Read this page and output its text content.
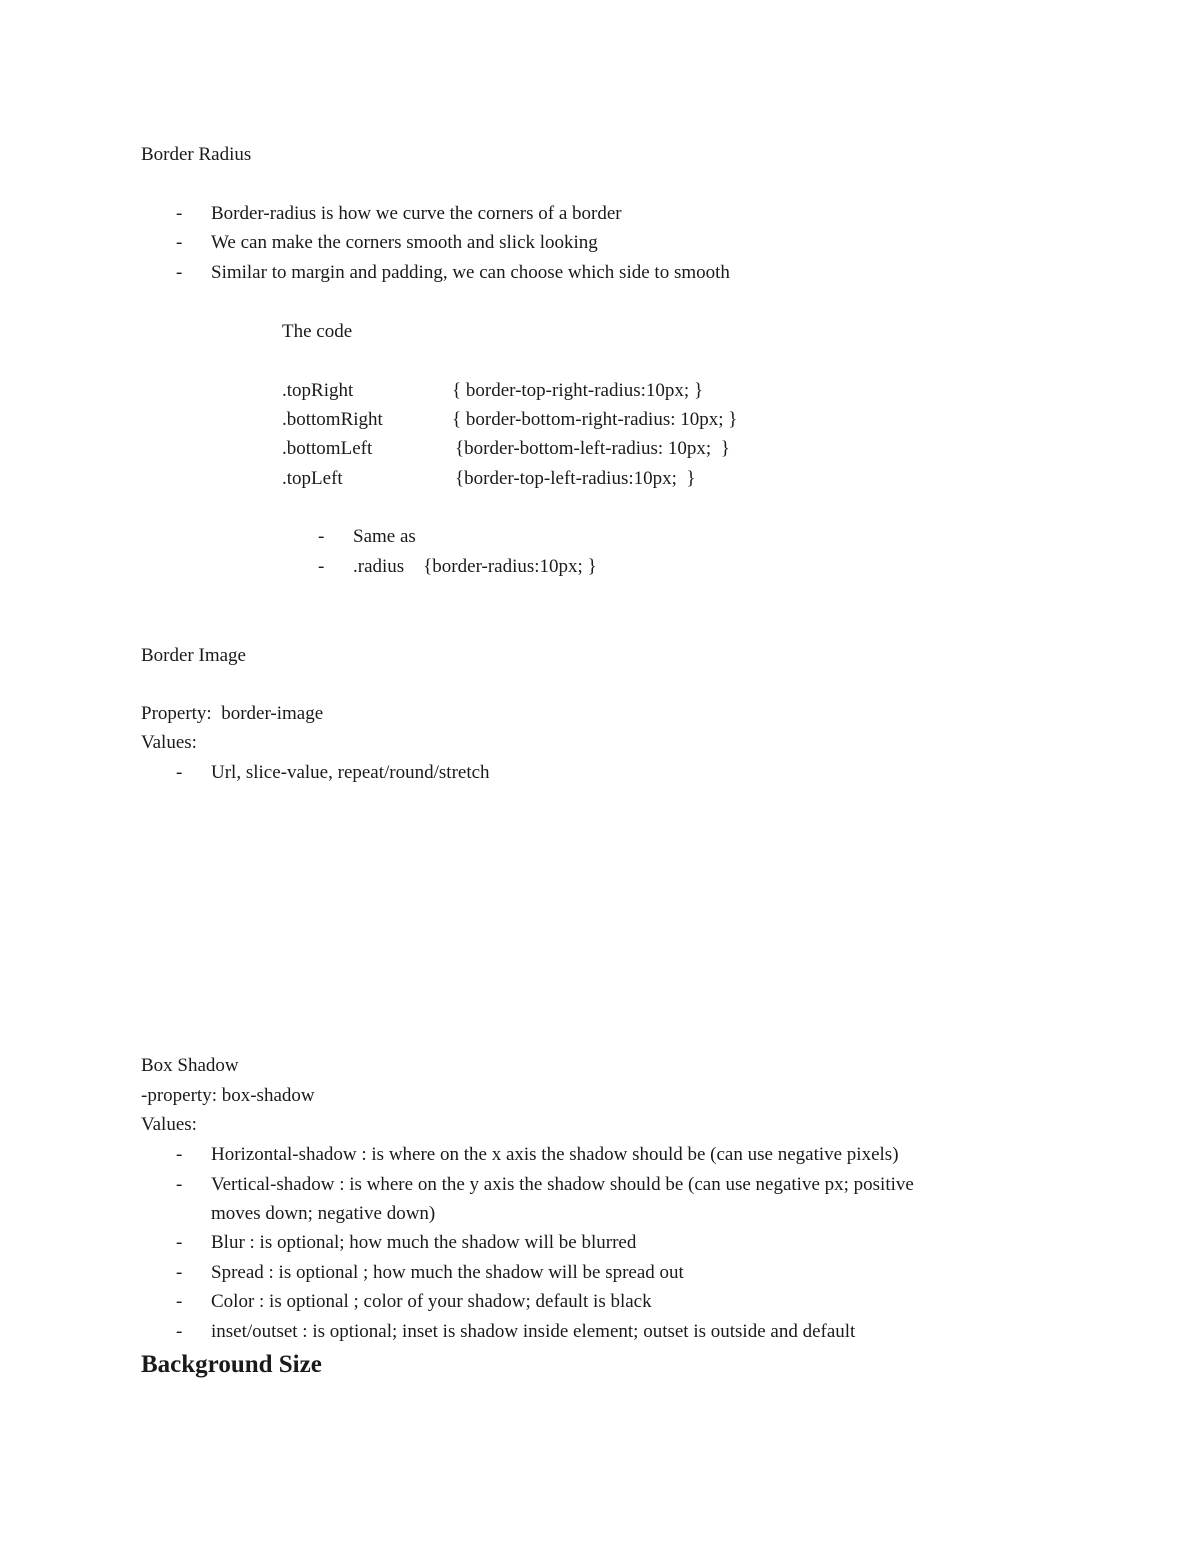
Border Radius
- Border-radius is how we curve the corners of a border
- We can make the corners smooth and slick looking
- Similar to margin and padding, we can choose which side to smooth
The code
.topRight	{ border-top-right-radius:10px; }
.bottomRight	{ border-bottom-right-radius: 10px; }
.bottomLeft	{border-bottom-left-radius: 10px;  }
.topLeft	{border-top-left-radius:10px;  }
- Same as
- .radius    {border-radius:10px; }
Border Image
Property:  border-image
Values:
- Url, slice-value, repeat/round/stretch
Box Shadow
-property: box-shadow
Values:
- Horizontal-shadow : is where on the x axis the shadow should be (can use negative pixels)
- Vertical-shadow : is where on the y axis the shadow should be (can use negative px; positive
moves down; negative down)
- Blur : is optional; how much the shadow will be blurred
- Spread : is optional ; how much the shadow will be spread out
- Color : is optional ; color of your shadow; default is black
- inset/outset : is optional; inset is shadow inside element; outset is outside and default
Background Size
